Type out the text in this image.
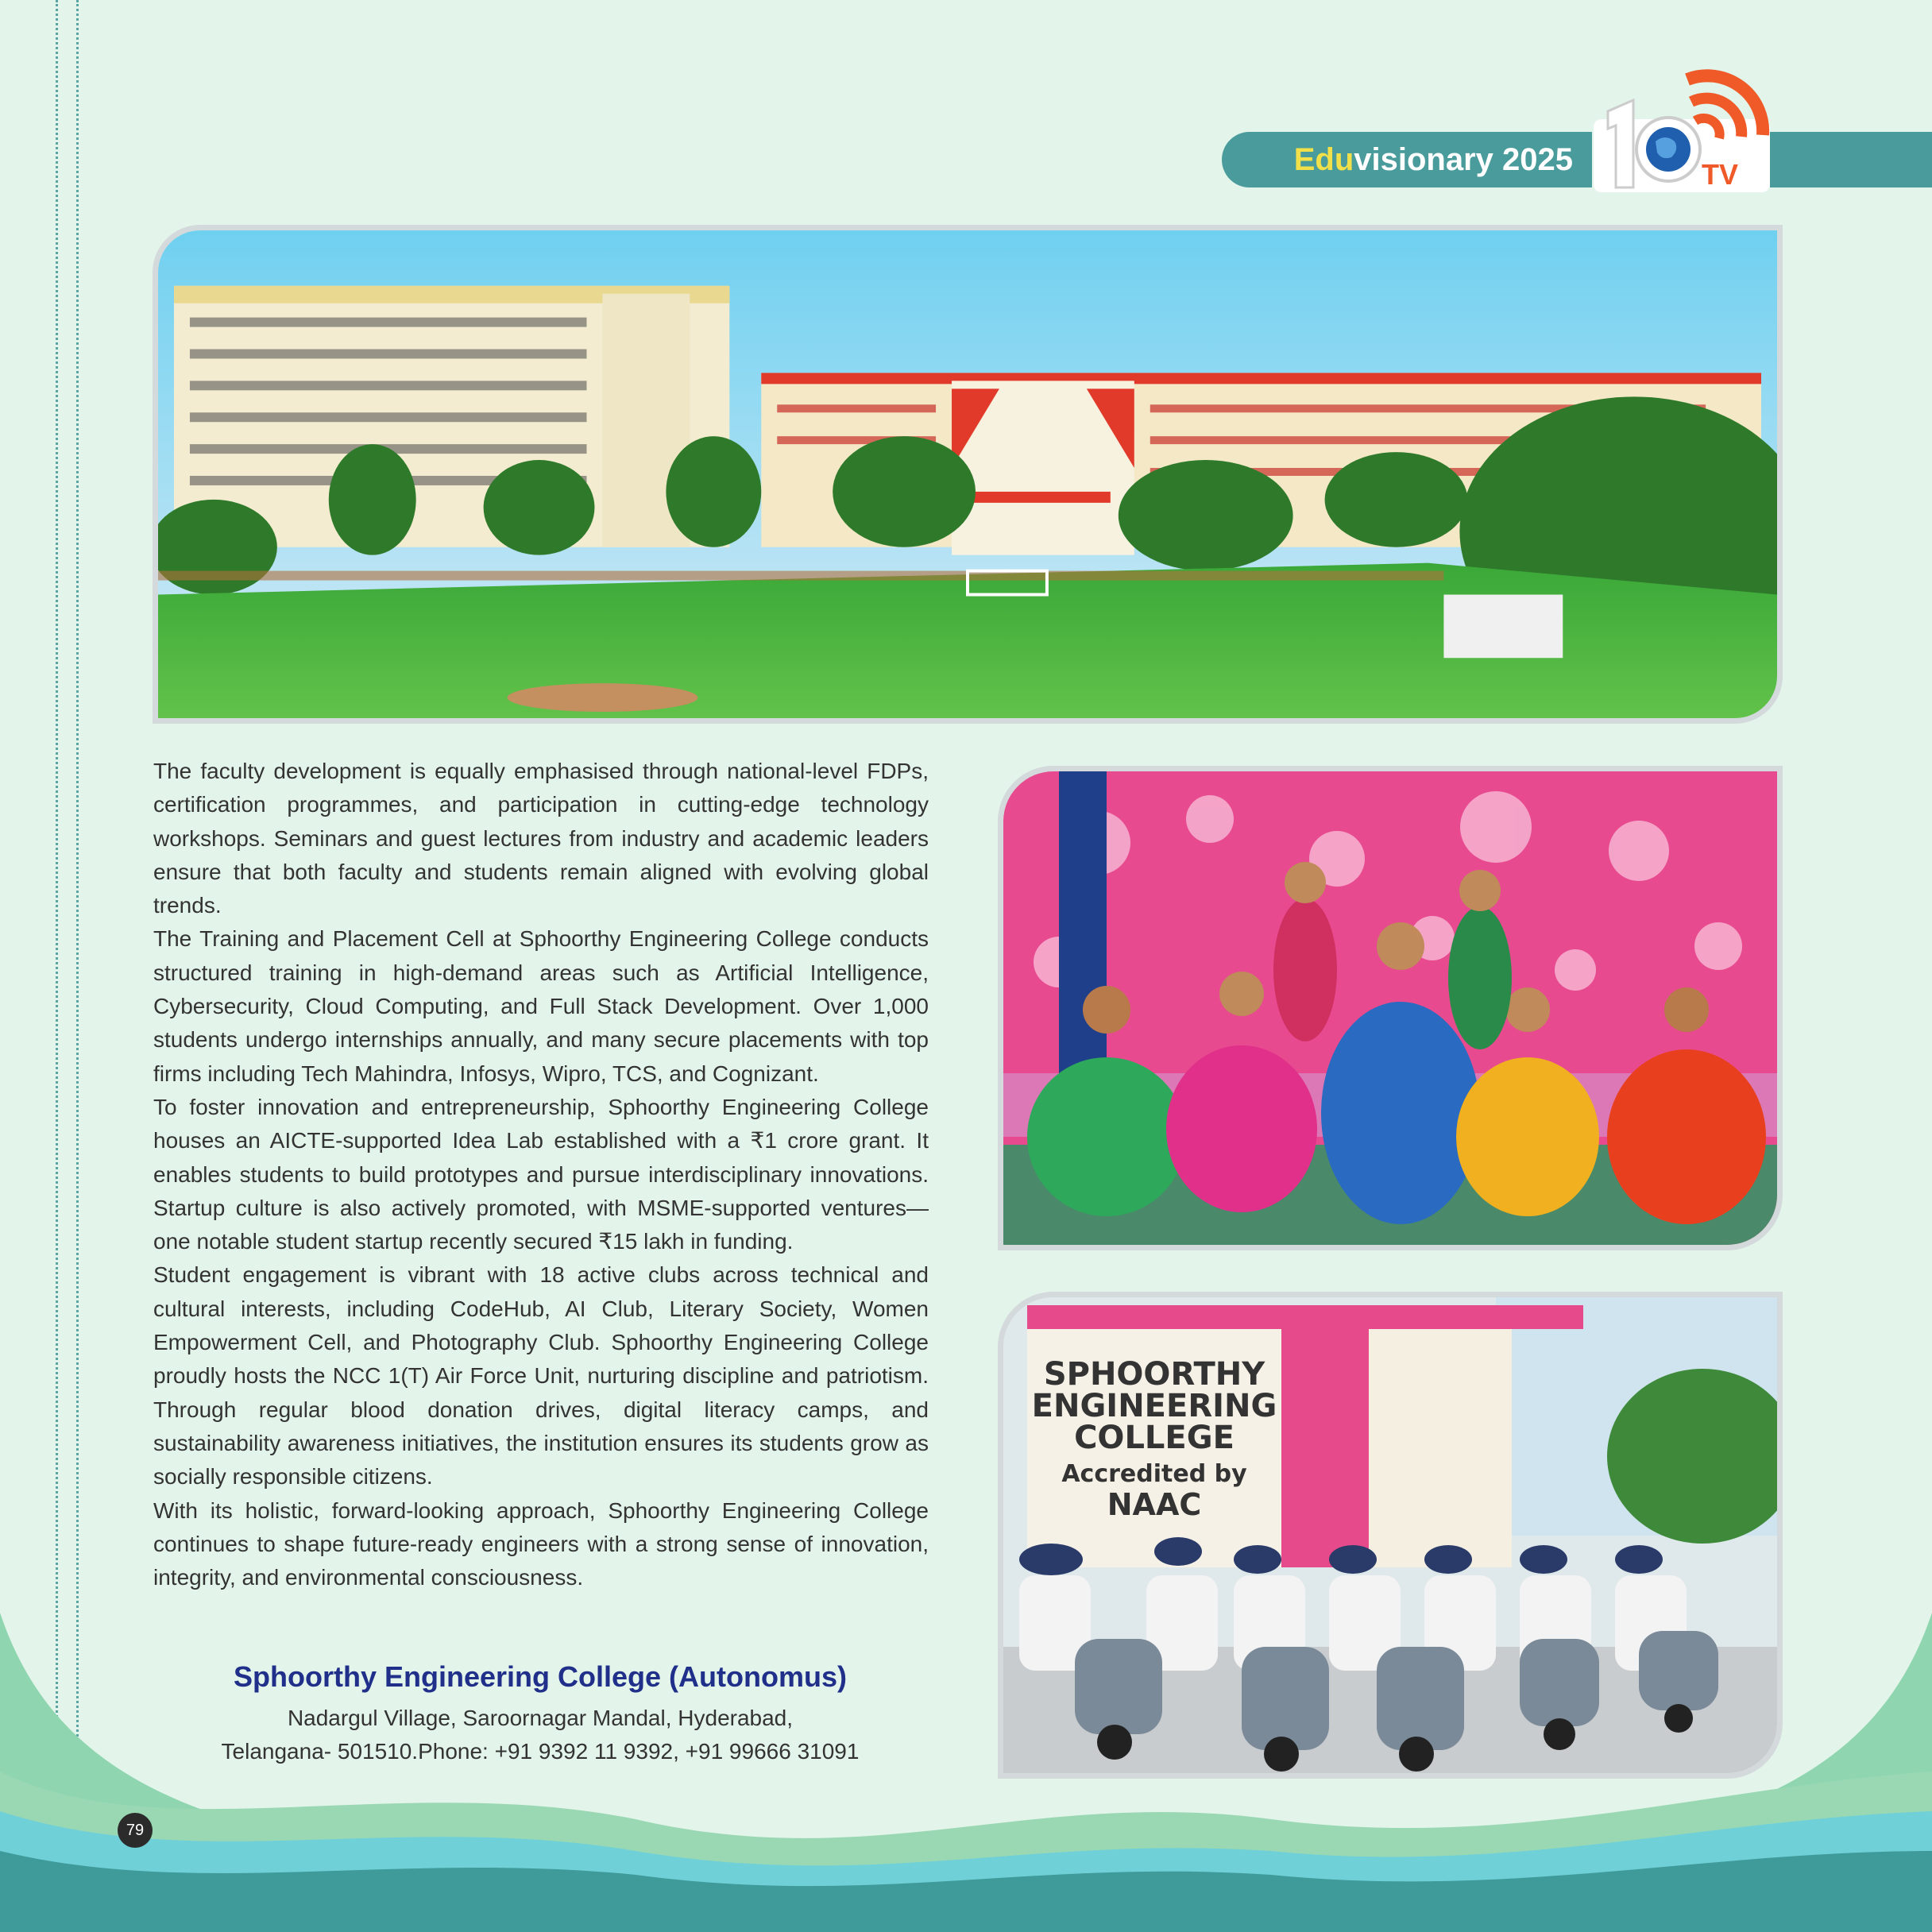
Eduvisionary 2025	TV
SPHOORTHY
ENGINEERING
COLLEGE
Accredited by
NAAC

The faculty development is equally emphasised through national-level FDPs, certification programmes, and participation in cutting-edge technology workshops. Seminars and guest lectures from industry and academic leaders ensure that both faculty and students remain aligned with evolving global trends.

The Training and Placement Cell at Sphoorthy Engineering College conducts structured training in high-demand areas such as Artificial Intelligence, Cybersecurity, Cloud Computing, and Full Stack Development. Over 1,000 students undergo internships annually, and many secure placements with top firms including Tech Mahindra, Infosys, Wipro, TCS, and Cognizant.

To foster innovation and entrepreneurship, Sphoorthy Engineering College houses an AICTE-supported Idea Lab established with a ₹1 crore grant. It enables students to build prototypes and pursue interdisciplinary innovations. Startup culture is also actively promoted, with MSME-supported ventures—one notable student startup recently secured ₹15 lakh in funding.

Student engagement is vibrant with 18 active clubs across technical and cultural interests, including CodeHub, AI Club, Literary Society, Women Empowerment Cell, and Photography Club. Sphoorthy Engineering College proudly hosts the NCC 1(T) Air Force Unit, nurturing discipline and patriotism. Through regular blood donation drives, digital literacy camps, and sustainability awareness initiatives, the institution ensures its students grow as socially responsible citizens.

With its holistic, forward-looking approach, Sphoorthy Engineering College continues to shape future-ready engineers with a strong sense of innovation, integrity, and environmental consciousness.

Sphoorthy Engineering College (Autonomus)
Nadargul Village, Saroornagar Mandal, Hyderabad,
Telangana- 501510.Phone: +91 9392 11 9392, +91 99666 31091
79
